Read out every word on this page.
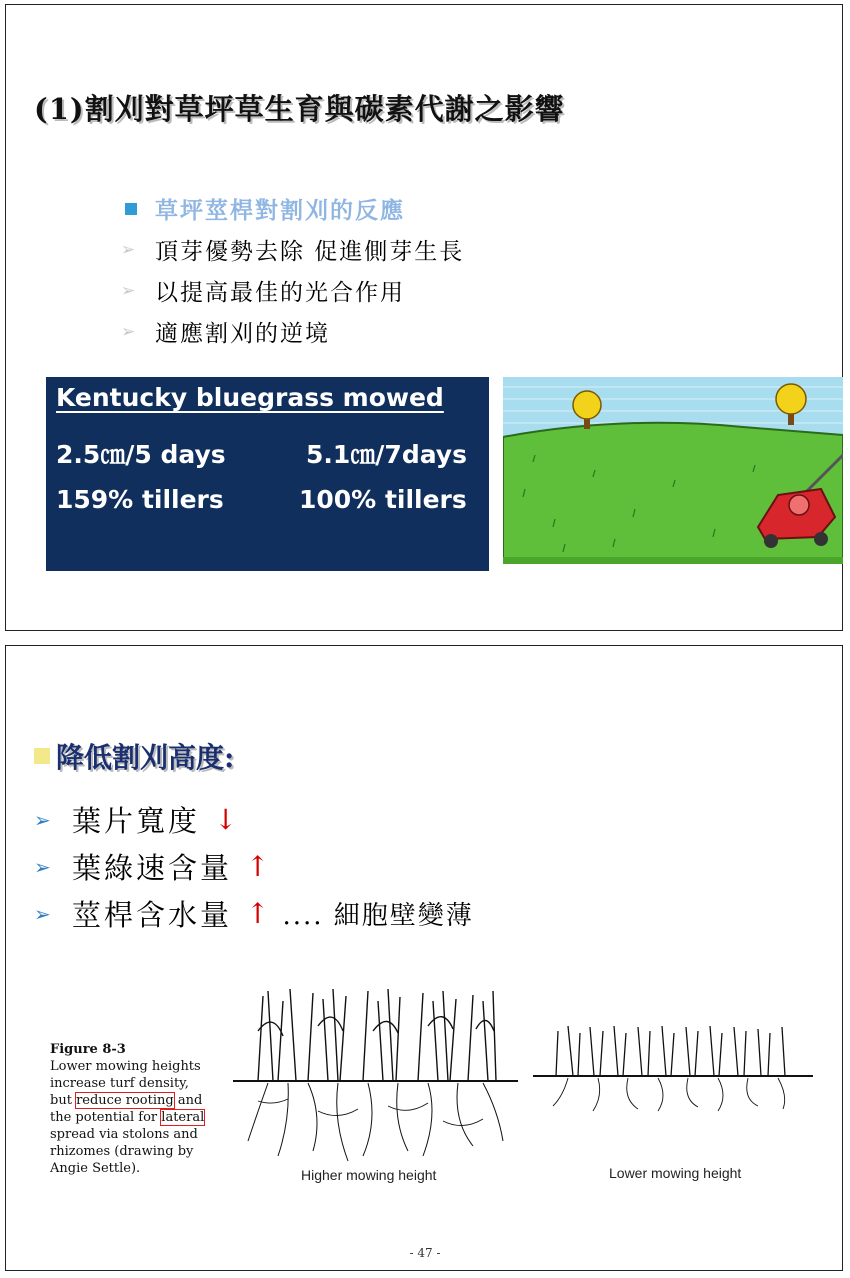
(1)割刈對草坪草生育與碳素代謝之影響
草坪莖桿對割刈的反應
➢ 頂芽優勢去除 促進側芽生長
➢ 以提高最佳的光合作用
➢ 適應割刈的逆境
Kentucky bluegrass mowed
2.5㎝/5 days	5.1㎝/7days
159% tillers	100% tillers
降低割刈高度:
➢ 葉片寬度 ↓
➢ 葉綠速含量 ↑
➢ 莖桿含水量 ↑ .... 細胞壁變薄
Figure 8-3
Lower mowing heights
increase turf density,
but reduce rooting and
the potential for lateral
spread via stolons and
rhizomes (drawing by
Angie Settle).	Higher mowing height	Lower mowing height
- 47 -
